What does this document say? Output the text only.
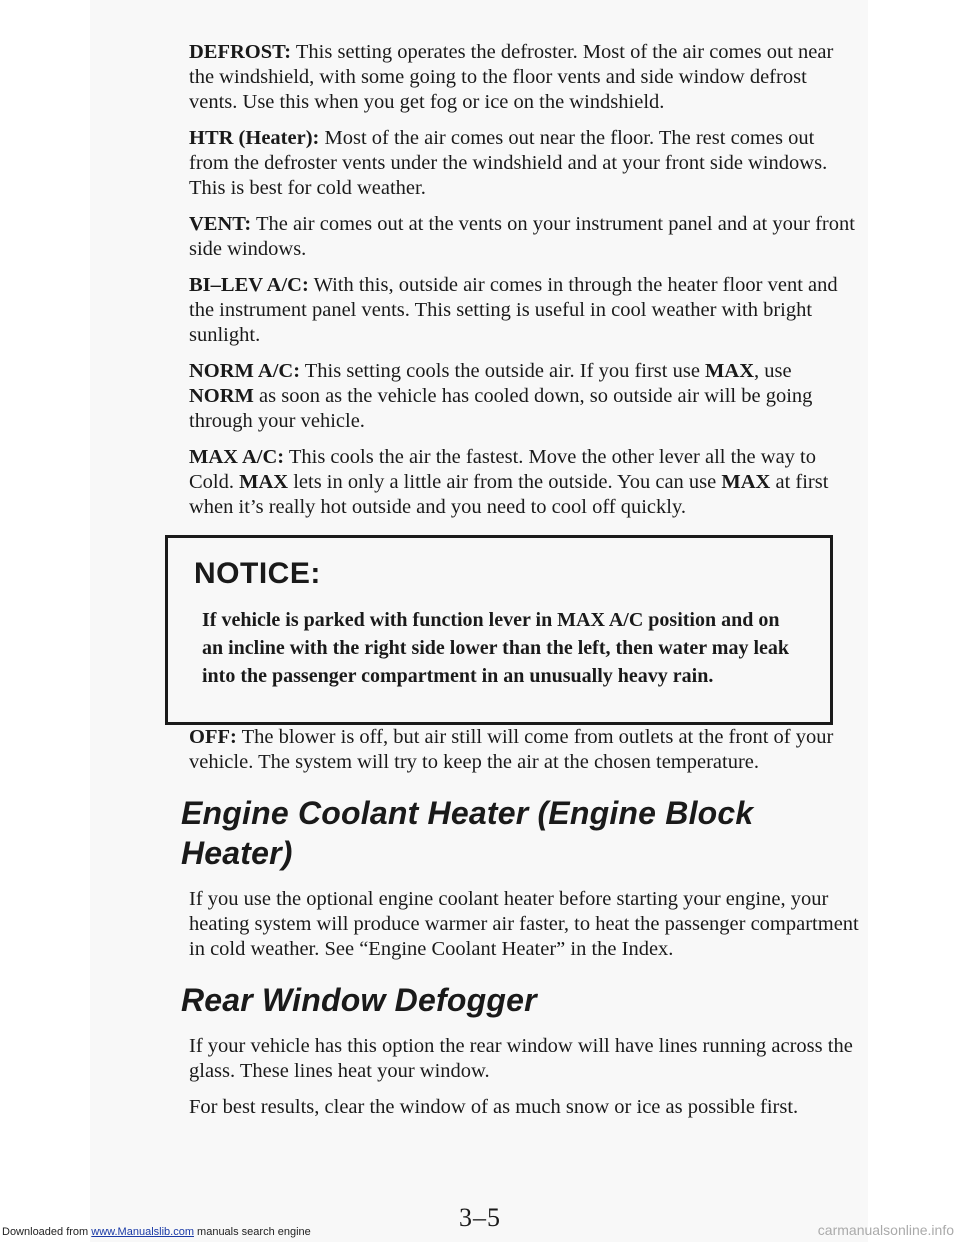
DEFROST: This setting operates the defroster. Most of the air comes out near the windshield, with some going to the floor vents and side window defrost vents. Use this when you get fog or ice on the windshield.

HTR (Heater): Most of the air comes out near the floor. The rest comes out from the defroster vents under the windshield and at your front side windows. This is best for cold weather.

VENT: The air comes out at the vents on your instrument panel and at your front side windows.

BI–LEV A/C: With this, outside air comes in through the heater floor vent and the instrument panel vents. This setting is useful in cool weather with bright sunlight.

NORM A/C: This setting cools the outside air. If you first use MAX, use NORM as soon as the vehicle has cooled down, so outside air will be going through your vehicle.

MAX A/C: This cools the air the fastest. Move the other lever all the way to Cold. MAX lets in only a little air from the outside. You can use MAX at first when it’s really hot outside and you need to cool off quickly.

NOTICE:

If vehicle is parked with function lever in MAX A/C position and on an incline with the right side lower than the left, then water may leak into the passenger compartment in an unusually heavy rain.

OFF: The blower is off, but air still will come from outlets at the front of your vehicle. The system will try to keep the air at the chosen temperature.

Engine Coolant Heater (Engine Block Heater)

If you use the optional engine coolant heater before starting your engine, your heating system will produce warmer air faster, to heat the passenger compartment in cold weather. See “Engine Coolant Heater” in the Index.

Rear Window Defogger

If your vehicle has this option the rear window will have lines running across the glass. These lines heat your window.

For best results, clear the window of as much snow or ice as possible first.

3–5
Downloaded from www.Manualslib.com manuals search engine	carmanualsonline.info
